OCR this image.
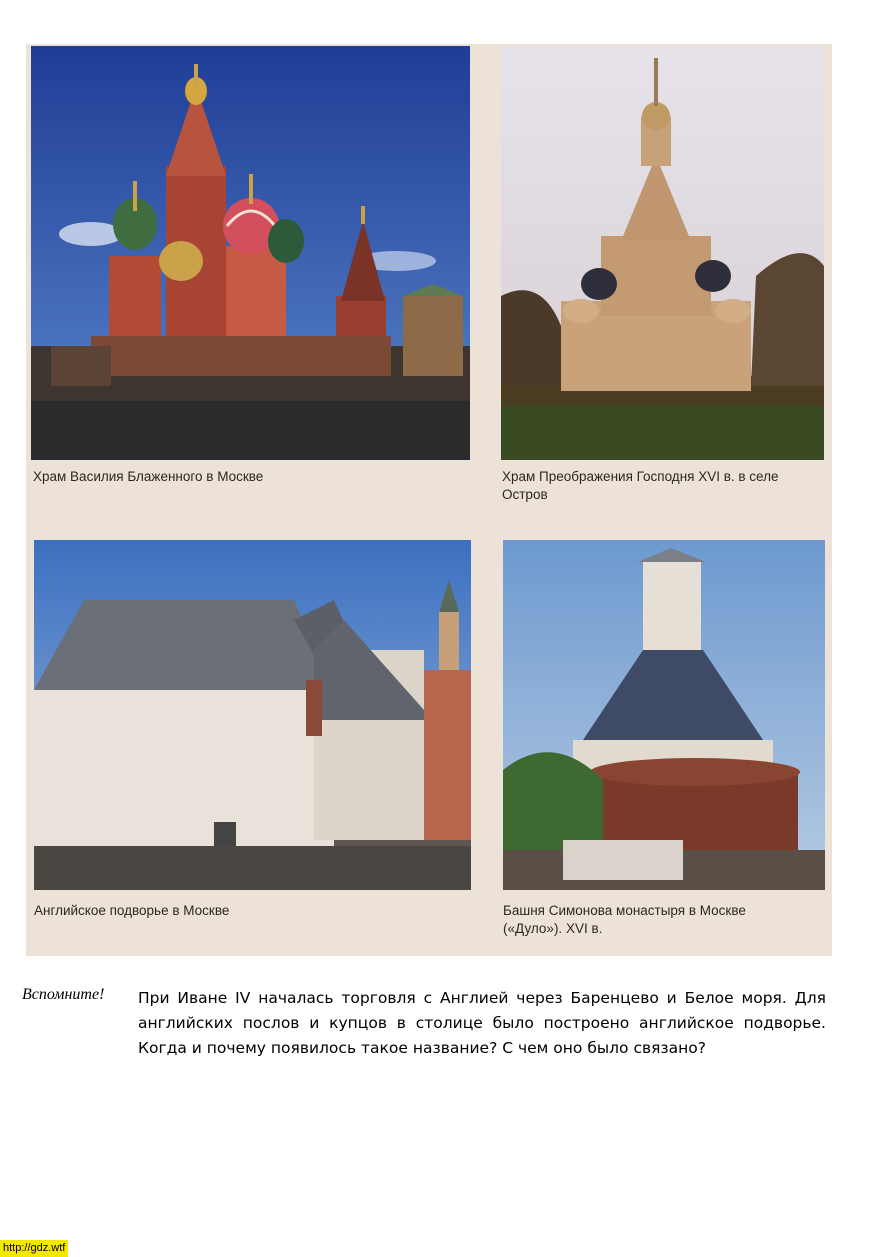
Храм Василия Блаженного в Москве	Храм Преображения Господня XVI в. в селе Остров
Английское подворье в Москве	Башня Симонова монастыря в Москве («Дуло»). XVI в.
Вспомните! При Иване IV началась торговля с Англией через Баренцево и Белое моря. Для английских послов и купцов в столице было построено английское подворье. Когда и почему появилось такое название? С чем оно было связано?
http://gdz.wtf
